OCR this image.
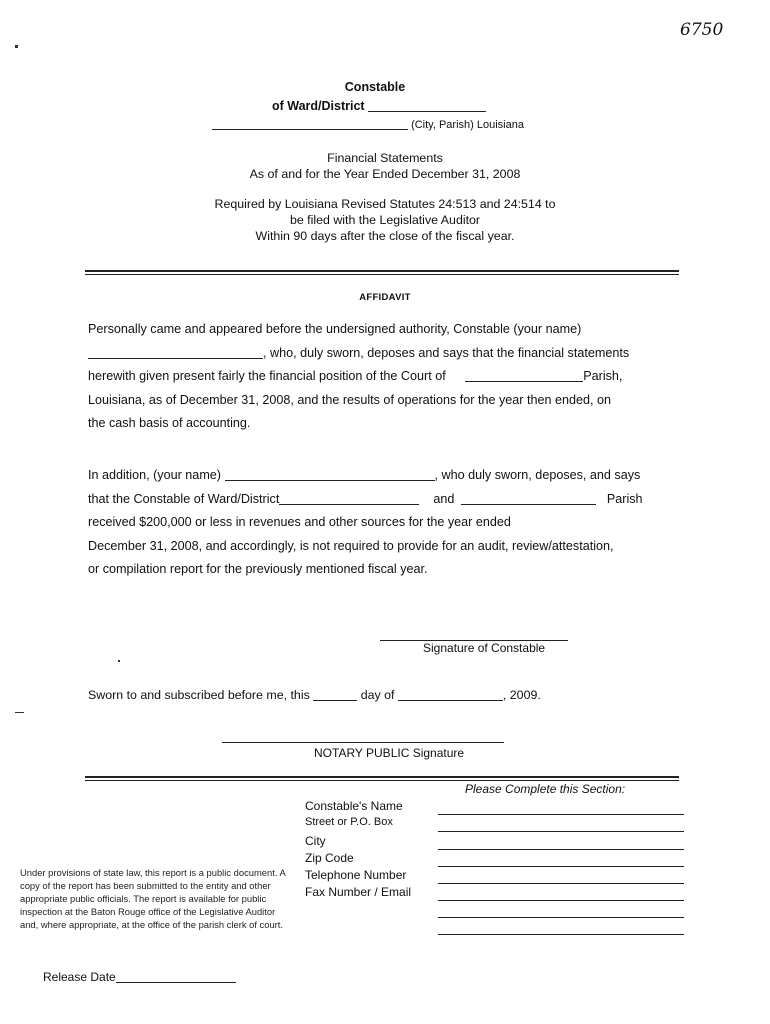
6750
Constable
of Ward/District
(City, Parish) Louisiana
Financial Statements
As of and for the Year Ended December 31, 2008
Required by Louisiana Revised Statutes 24:513 and 24:514 to
be filed with the Legislative Auditor
Within 90 days after the close of the fiscal year.
AFFIDAVIT
Personally came and appeared before the undersigned authority, Constable (your name)
, who, duly sworn, deposes and says that the financial statements
herewith given present fairly the financial position of the Court of	Parish,
Louisiana, as of December 31, 2008, and the results of operations for the year then ended, on
the cash basis of accounting.
In addition, (your name)	, who duly sworn, deposes, and says
that the Constable of Ward/District	and	Parish
received $200,000 or less in revenues and other sources for the year ended
December 31, 2008, and accordingly, is not required to provide for an audit, review/attestation,
or compilation report for the previously mentioned fiscal year.
Signature of Constable
Sworn to and subscribed before me, this	day of	, 2009.
NOTARY PUBLIC Signature
Please Complete this Section:
Constable's Name
Street or P.O. Box
City
Zip Code
Telephone Number
Fax Number / Email
Under provisions of state law, this report is a public document. A copy of the report has been submitted to the entity and other appropriate public officials. The report is available for public inspection at the Baton Rouge office of the Legislative Auditor and, where appropriate, at the office of the parish clerk of court.
Release Date
